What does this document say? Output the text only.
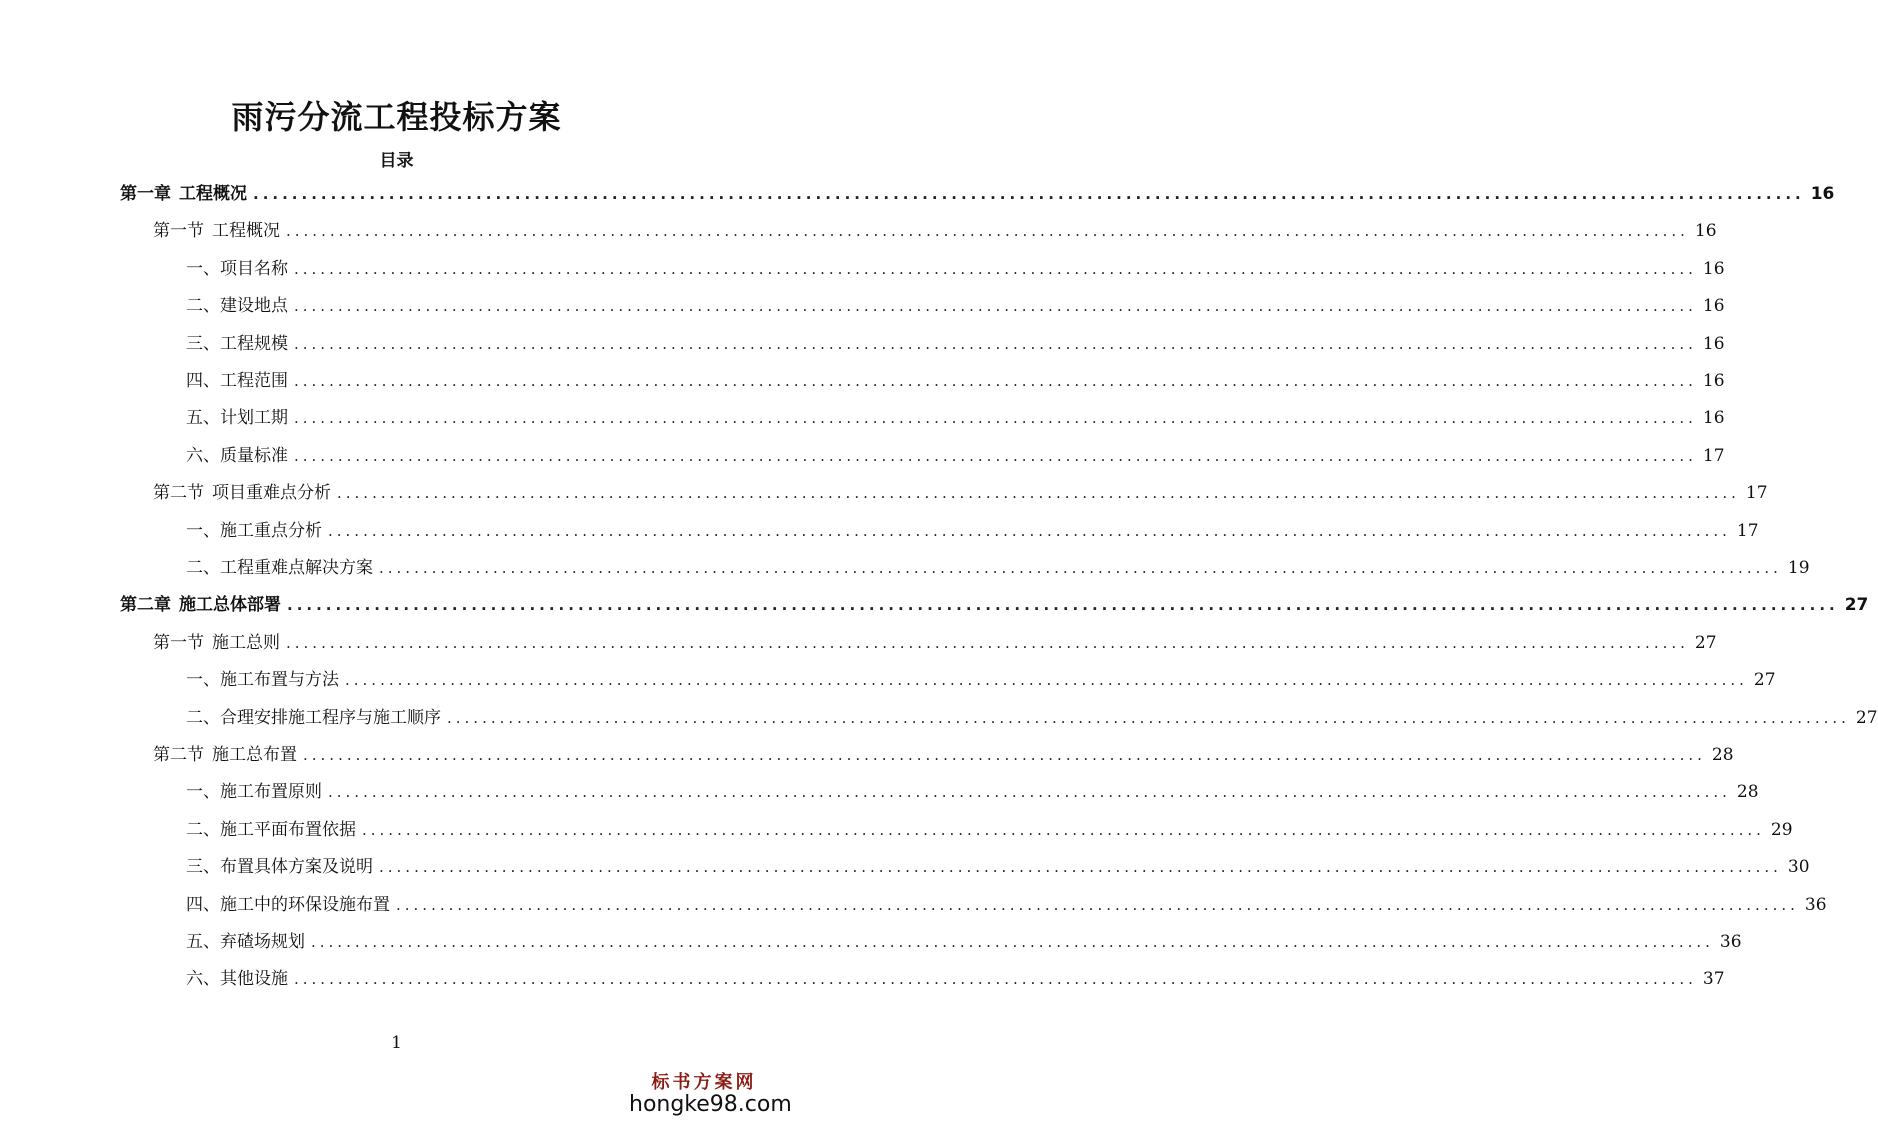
雨污分流工程投标方案
目录
第一章 工程概况 ................................................................................................................................................................ 16
第一节 工程概况 ................................................................................................................................................................ 16
一、项目名称 ................................................................................................................................................................ 16
二、建设地点 ................................................................................................................................................................ 16
三、工程规模 ................................................................................................................................................................ 16
四、工程范围 ................................................................................................................................................................ 16
五、计划工期 ................................................................................................................................................................ 16
六、质量标准 ................................................................................................................................................................ 17
第二节 项目重难点分析 ................................................................................................................................................................ 17
一、施工重点分析 ................................................................................................................................................................ 17
二、工程重难点解决方案 ................................................................................................................................................................ 19
第二章 施工总体部署 ................................................................................................................................................................ 27
第一节 施工总则 ................................................................................................................................................................ 27
一、施工布置与方法 ................................................................................................................................................................ 27
二、合理安排施工程序与施工顺序 ................................................................................................................................................................ 27
第二节 施工总布置 ................................................................................................................................................................ 28
一、施工布置原则 ................................................................................................................................................................ 28
二、施工平面布置依据 ................................................................................................................................................................ 29
三、布置具体方案及说明 ................................................................................................................................................................ 30
四、施工中的环保设施布置 ................................................................................................................................................................ 36
五、弃碴场规划 ................................................................................................................................................................ 36
六、其他设施 ................................................................................................................................................................ 37
1
标书方案网
hongke98.com
